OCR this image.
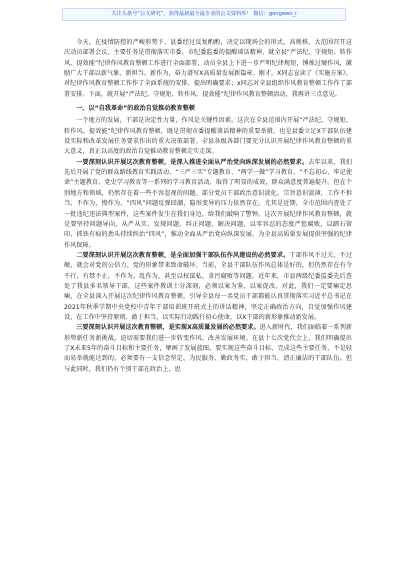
关注头条号“公文研究”，获得最新最全最专业的公文资料库！ 微信：gongwen_i

今天，在疫情防控的严峻形势下，县委经过反复酌酌，决定以现场会的形式，高规格、大范围召开这次动员部署会议，主要任务是贯彻落实市委、市纪委监委的提醒谈话精神，就全县“严法纪、守规矩、转作风、提效能”纪律作风教育整顿工作进行全面部署，动员全县上下进一步严明纪律规矩，锤炼过硬作风，激励广大干部以新气象、新担当、新作为，奋力谱写X高质量发展新篇章。刚才，X同志宣读了《实施方案》，对纪律作风教育整顿工作作了全面系统的安排，提出明确要求；x同志对全县组织作风教育整顿工作作了部署安排。下面，就开展“严法纪、守规矩、转作风、提效能”纪律作风教育整顿活动，我再讲三点意见。

一、以“自我革命”的政治自觉推动教育整顿

一个地方的发展，干部是决定性力量，作风是关键性因素。这次在全县范围内开展“严法纪、守规矩、转作风、提效能”纪律作风教育整顿，既是贯彻市委提醒谈话精神的重要举措，也是县委立足X干部队伍建设实际和改革发展任务要求作出的重大决策部署。全县各级各部门要充分认识开展纪律作风教育整顿的重大意义，真正以高度的政治自觉推动教育整顿走实走深。

一要深刻认识开展这次教育整顿，是深入推进全面从严治党向纵深发展的必然要求。去年以来，我们先后开展了党的群众路线教育实践活动、“三严三实”专题教育、“两学一做”学习教育、“不忘初心、牢记使命”主题教育、党史学习教育等一系列的学习教育活动，取得了明显的成效，群众满意度普遍提升。但在个别地方和领域，仍然存在着一些不容忽视的问题。部分党员干部政治意识淡化、宗旨意识淡薄，工作不担当、不作为，慢作为，“四风”问题反弹回潮，隐形变异的压力依然存在。尤其是近期，全市范围内查处了一批违纪违法典型案件，这些案件发生在我们身边，给我们敲响了警钟。这次开展纪律作风教育整顿，就是要坚持问题导向，从严从实，发现问题、纠正问题、解决问题，以零容忍的态度严惩腐败，以踏石留印、抓铁有痕的劲头持续纠治“四风”，推动全面从严治党向纵深发展，为全县高质量发展提供坚强的纪律作风保障。

二要深刻认识开展这次教育整顿，是全面加强干部队伍作风建设的必然要求。干部作风不过关、不过硬，就会对党的公信力、党的形象带来致命破坏。当前，全县干部队伍作风总体是好的，但仍然存在有令不行、有禁不止，不作为、乱作为，甚至以权谋私、贪污腐败等问题。近年来，市县两级纪委监委先后查处了我县多名领导干部，这些案件教训十分深刻，必须以案为鉴、以案促改。对此，我们一定要痛定思痛，在全县深入开展这次纪律作风教育整顿，引导全县每一名党员干部都能认真贯彻落实习近平总书记在2021年秋季学期中央党校中青年干部培训班开班式上的讲话精神，坚定正确政治方向，自觉加强作风建设，在工作中坚持原则、敢于担当，以实际行动践行初心使命，以X干部的新形象推动新发展。

三要深刻认识开展这次教育整顿，是实现X高质量发展的必然要求。进入新时代，我们面临着一系列新形势新任务新挑战，迫切需要我们进一步转变作风、改善发展环境。在县十七次党代会上，我们明确提出了X未来5年的奋斗目标和主要任务，擘画了发展蓝图。要实现这些奋斗目标、完成这些主要任务，不是轻而易举就能达到的，必须要有一支信念坚定、为民服务、勤政务实、敢于担当、清正廉洁的干部队伍。但与此同时，我们仍有个别干部在政治上、思
